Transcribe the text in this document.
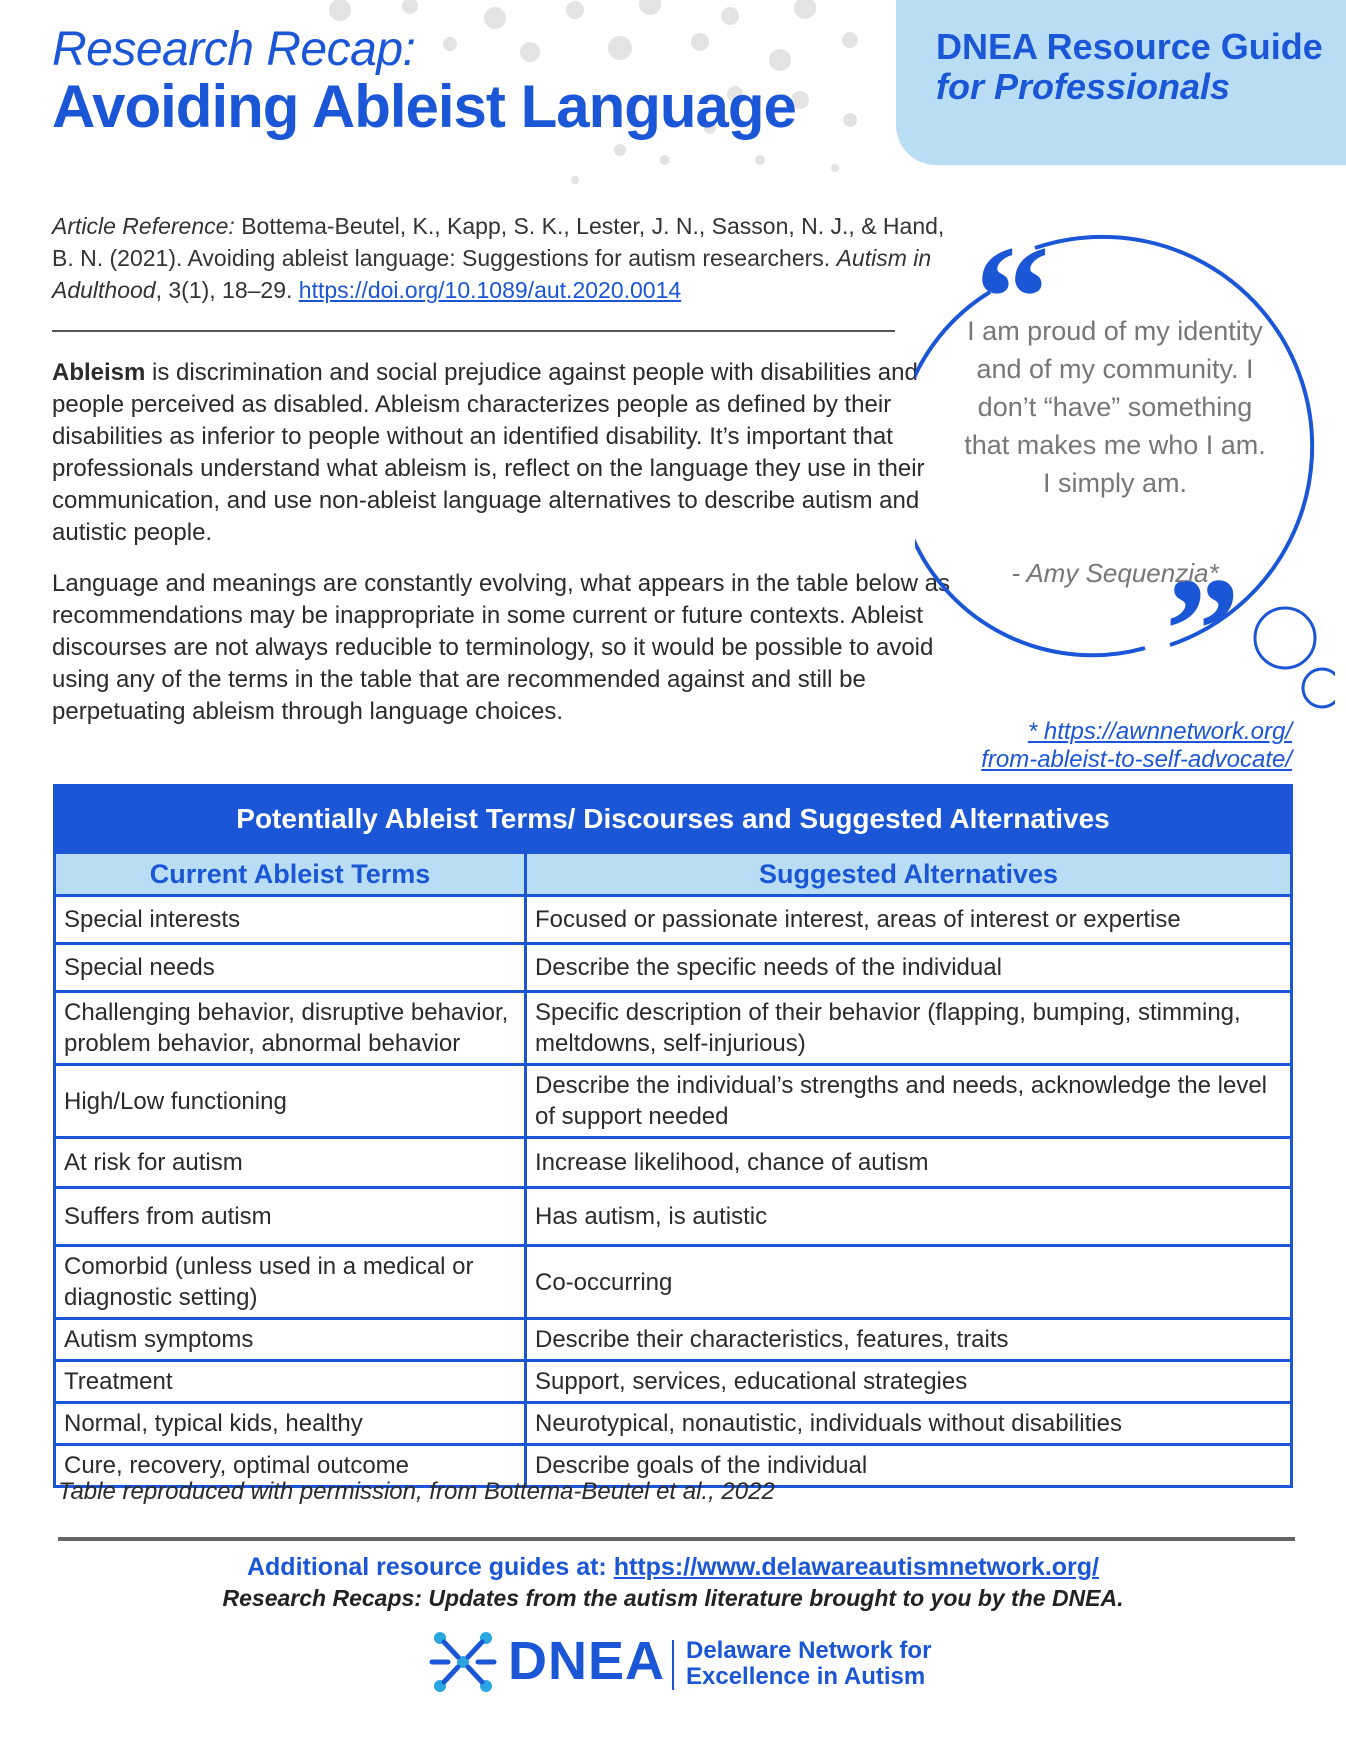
Research Recap:
Avoiding Ableist Language
DNEA Resource Guide
for Professionals
Article Reference: Bottema-Beutel, K., Kapp, S. K., Lester, J. N., Sasson, N. J., & Hand, B. N. (2021). Avoiding ableist language: Suggestions for autism researchers. Autism in Adulthood, 3(1), 18–29. https://doi.org/10.1089/aut.2020.0014
Ableism is discrimination and social prejudice against people with disabilities and people perceived as disabled. Ableism characterizes people as defined by their disabilities as inferior to people without an identified disability. It’s important that professionals understand what ableism is, reflect on the language they use in their communication, and use non-ableist language alternatives to describe autism and autistic people.
Language and meanings are constantly evolving, what appears in the table below as recommendations may be inappropriate in some current or future contexts. Ableist discourses are not always reducible to terminology, so it would be possible to avoid using any of the terms in the table that are recommended against and still be perpetuating ableism through language choices.
“
”
I am proud of my identity and of my community. I don’t “have” something that makes me who I am. I simply am.
- Amy Sequenzia*
* https://awnnetwork.org/
from-ableist-to-self-advocate/
Potentially Ableist Terms/ Discourses and Suggested Alternatives	
Current Ableist Terms	Suggested Alternatives
Special interests	Focused or passionate interest, areas of interest or expertise
Special needs	Describe the specific needs of the individual
Challenging behavior, disruptive behavior, problem behavior, abnormal behavior	Specific description of their behavior (flapping, bumping, stimming, meltdowns, self-injurious)
High/Low functioning	Describe the individual’s strengths and needs, acknowledge the level of support needed
At risk for autism	Increase likelihood, chance of autism
Suffers from autism	Has autism, is autistic
Comorbid (unless used in a medical or diagnostic setting)	Co-occurring
Autism symptoms	Describe their characteristics, features, traits
Treatment	Support, services, educational strategies
Normal, typical kids, healthy	Neurotypical, nonautistic, individuals without disabilities
Cure, recovery, optimal outcome	Describe goals of the individual
Table reproduced with permission, from Bottema-Beutel et al., 2022
Additional resource guides at: https://www.delawareautismnetwork.org/
Research Recaps: Updates from the autism literature brought to you by the DNEA.
DNEA Delaware Network for
Excellence in Autism
